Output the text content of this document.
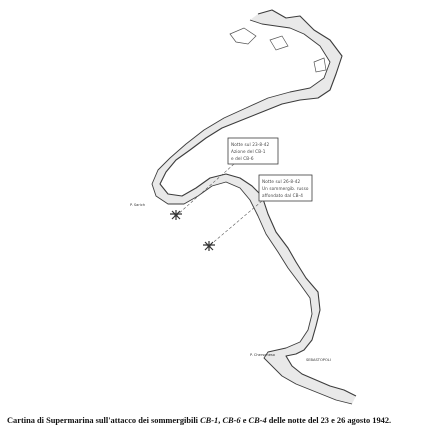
Notte sul 23-8-42
Azione del CB-1
e del CB-6
Notte sul 26-8-42
Un sommergib. russo
affondato dal CB-4
P. Sarich
P. Chersoneso
SEBASTOPOLI
Cartina di Supermarina sull'attacco dei sommergibili CB-1, CB-6 e CB-4 delle notte del 23 e 26 agosto 1942.
